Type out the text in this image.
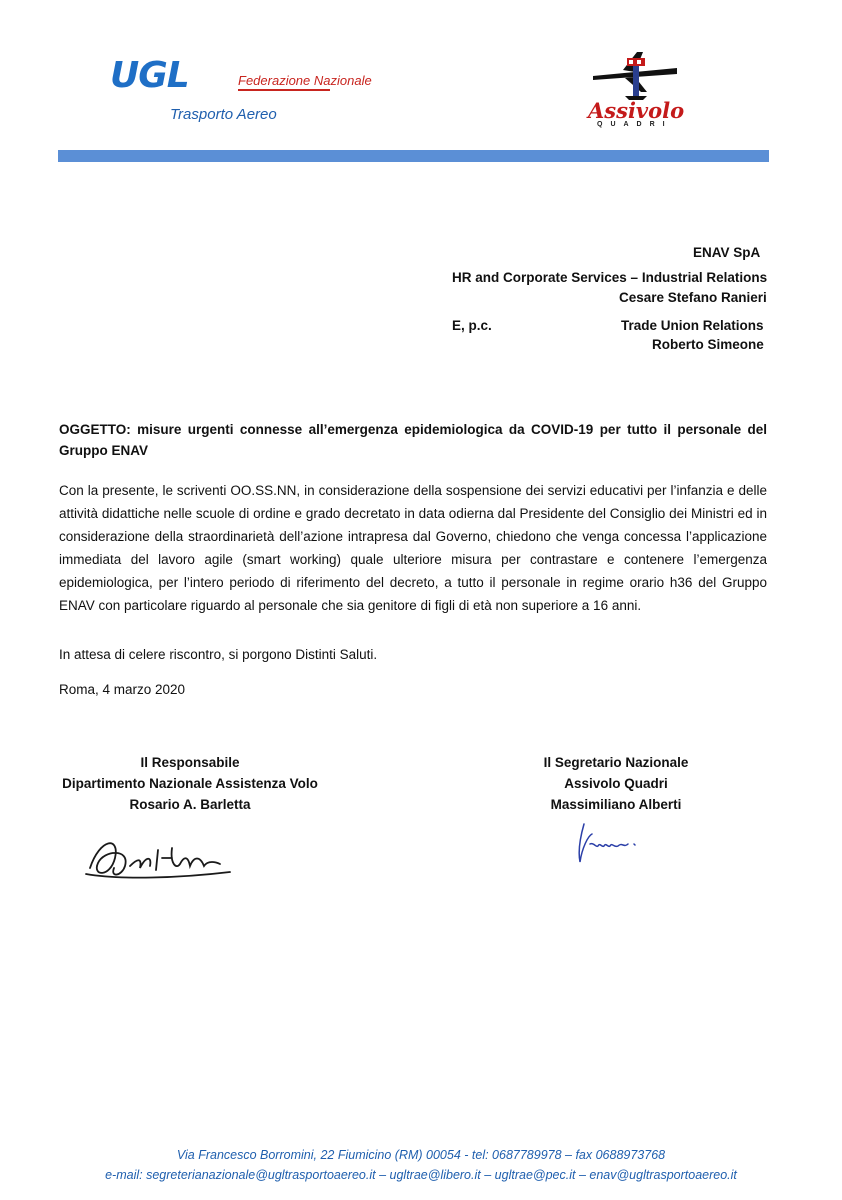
UGL	Federazione Nazionale
Trasporto Aereo	Assivolo
QUADRI
ENAV SpA
HR and Corporate Services – Industrial Relations
Cesare Stefano Ranieri
E, p.c.	Trade Union Relations
Roberto Simeone
OGGETTO: misure urgenti connesse all’emergenza epidemiologica da COVID-19 per tutto il personale del Gruppo ENAV
Con la presente, le scriventi OO.SS.NN, in considerazione della sospensione dei servizi educativi per l’infanzia e delle attività didattiche nelle scuole di ordine e grado decretato in data odierna dal Presidente del Consiglio dei Ministri ed in considerazione della straordinarietà dell’azione intrapresa dal Governo, chiedono che venga concessa l’applicazione immediata del lavoro agile (smart working) quale ulteriore misura per contrastare e contenere l’emergenza epidemiologica, per l’intero periodo di riferimento del decreto, a tutto il personale in regime orario h36 del Gruppo ENAV con particolare riguardo al personale che sia genitore di figli di età non superiore a 16 anni.
In attesa di celere riscontro, si porgono Distinti Saluti.
Roma, 4 marzo 2020
Il Responsabile
Dipartimento Nazionale Assistenza Volo
Rosario A. Barletta
Il Segretario Nazionale
Assivolo Quadri
Massimiliano Alberti
Via Francesco Borromini, 22 Fiumicino (RM) 00054 - tel: 0687789978 – fax 0688973768
e-mail: segreterianazionale@ugltrasportoaereo.it – ugltrae@libero.it – ugltrae@pec.it – enav@ugltrasportoaereo.it
